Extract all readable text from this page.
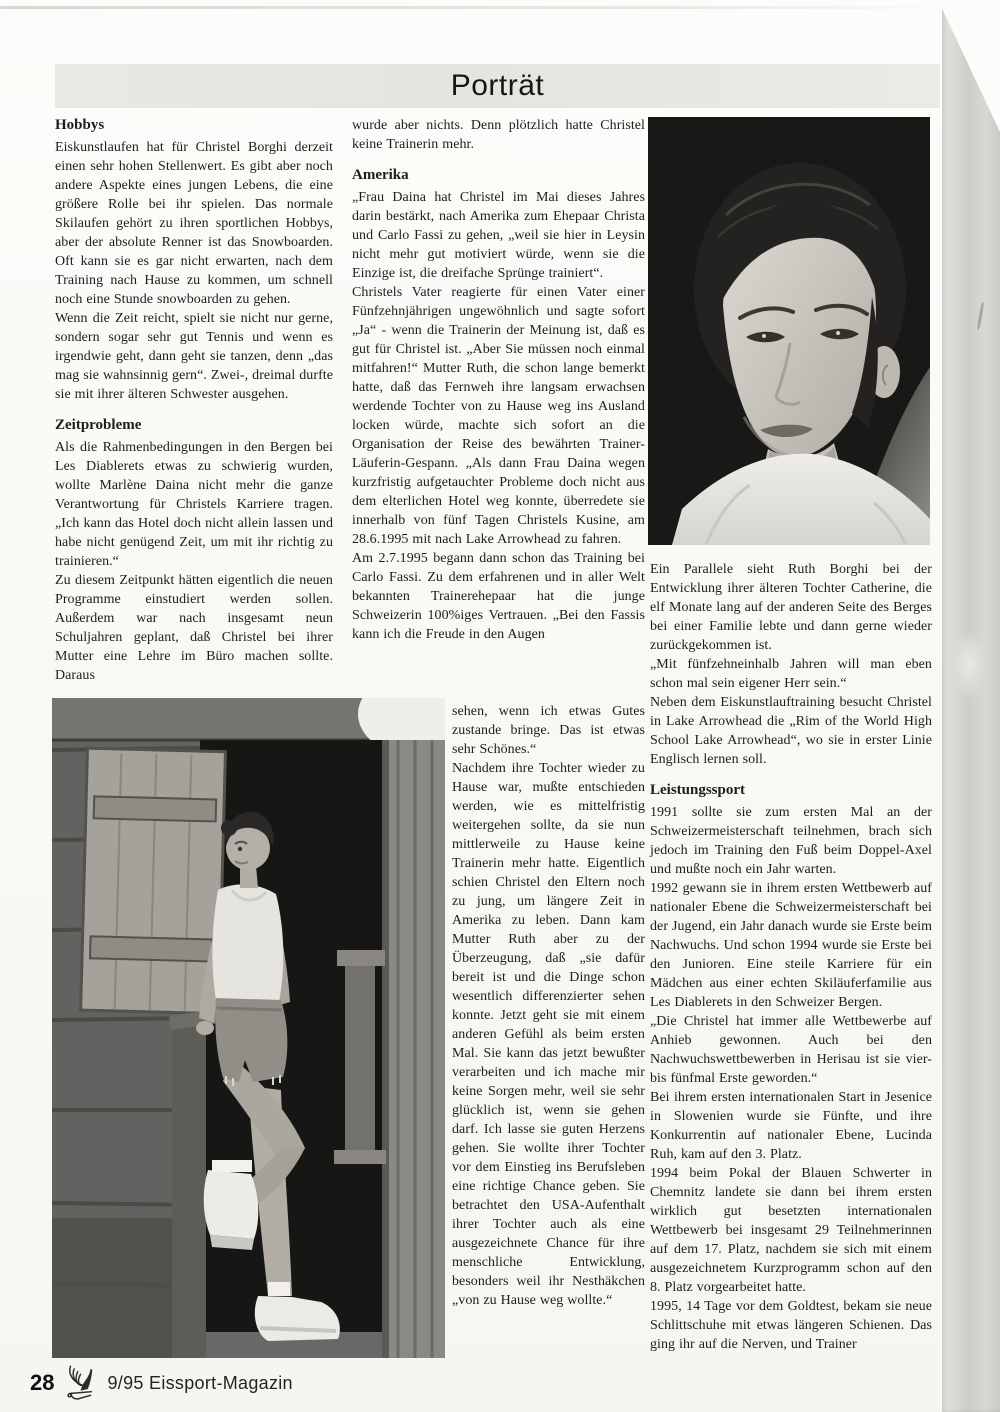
Porträt
Hobbys

Eiskunstlaufen hat für Christel Borghi derzeit einen sehr hohen Stellenwert. Es gibt aber noch andere Aspekte eines jungen Lebens, die eine größere Rolle bei ihr spielen. Das normale Skilaufen gehört zu ihren sportlichen Hobbys, aber der absolute Renner ist das Snowboarden. Oft kann sie es gar nicht erwarten, nach dem Training nach Hause zu kommen, um schnell noch eine Stunde snowboarden zu gehen.

Wenn die Zeit reicht, spielt sie nicht nur gerne, sondern sogar sehr gut Tennis und wenn es irgendwie geht, dann geht sie tanzen, denn „das mag sie wahnsinnig gern“. Zwei-, dreimal durfte sie mit ihrer älteren Schwester ausgehen.

Zeitprobleme

Als die Rahmenbedingungen in den Bergen bei Les Diablerets etwas zu schwierig wurden, wollte Marlène Daina nicht mehr die ganze Verantwortung für Christels Karriere tragen. „Ich kann das Hotel doch nicht allein lassen und habe nicht genügend Zeit, um mit ihr richtig zu trainieren.“

Zu diesem Zeitpunkt hätten eigentlich die neuen Programme einstudiert werden sollen. Außerdem war nach insgesamt neun Schuljahren geplant, daß Christel bei ihrer Mutter eine Lehre im Büro machen sollte. Daraus

wurde aber nichts. Denn plötzlich hatte Christel keine Trainerin mehr.

Amerika

„Frau Daina hat Christel im Mai dieses Jahres darin bestärkt, nach Amerika zum Ehepaar Christa und Carlo Fassi zu gehen, „weil sie hier in Leysin nicht mehr gut motiviert würde, wenn sie die Einzige ist, die dreifache Sprünge trainiert“.

Christels Vater reagierte für einen Vater einer Fünfzehnjährigen ungewöhnlich und sagte sofort „Ja“ - wenn die Trainerin der Meinung ist, daß es gut für Christel ist. „Aber Sie müssen noch einmal mitfahren!“ Mutter Ruth, die schon lange bemerkt hatte, daß das Fernweh ihre langsam erwachsen werdende Tochter von zu Hause weg ins Ausland locken würde, machte sich sofort an die Organisation der Reise des bewährten Trainer-Läuferin-Gespann. „Als dann Frau Daina wegen kurzfristig aufgetauchter Probleme doch nicht aus dem elterlichen Hotel weg konnte, überredete sie innerhalb von fünf Tagen Christels Kusine, am 28.6.1995 mit nach Lake Arrowhead zu fahren.

Am 2.7.1995 begann dann schon das Training bei Carlo Fassi. Zu dem erfahrenen und in aller Welt bekannten Trainerehepaar hat die junge Schweizerin 100%iges Vertrauen. „Bei den Fassis kann ich die Freude in den Augen

sehen, wenn ich etwas Gutes zustande bringe. Das ist etwas sehr Schönes.“

Nachdem ihre Tochter wieder zu Hause war, mußte entschieden werden, wie es mittelfristig weitergehen sollte, da sie nun mittlerweile zu Hause keine Trainerin mehr hatte. Eigentlich schien Christel den Eltern noch zu jung, um längere Zeit in Amerika zu leben. Dann kam Mutter Ruth aber zu der Überzeugung, daß „sie dafür bereit ist und die Dinge schon wesentlich differenzierter sehen konnte. Jetzt geht sie mit einem anderen Gefühl als beim ersten Mal. Sie kann das jetzt bewußter verarbeiten und ich mache mir keine Sorgen mehr, weil sie sehr glücklich ist, wenn sie gehen darf. Ich lasse sie guten Herzens gehen. Sie wollte ihrer Tochter vor dem Einstieg ins Berufsleben eine richtige Chance geben. Sie betrachtet den USA-Aufenthalt ihrer Tochter auch als eine ausgezeichnete Chance für ihre menschliche Entwicklung, besonders weil ihr Nesthäkchen „von zu Hause weg wollte.“

Ein Parallele sieht Ruth Borghi bei der Entwicklung ihrer älteren Tochter Catherine, die elf Monate lang auf der anderen Seite des Berges bei einer Familie lebte und dann gerne wieder zurückgekommen ist.

„Mit fünfzehneinhalb Jahren will man eben schon mal sein eigener Herr sein.“

Neben dem Eiskunstlauftraining besucht Christel in Lake Arrowhead die „Rim of the World High School Lake Arrowhead“, wo sie in erster Linie Englisch lernen soll.

Leistungssport

1991 sollte sie zum ersten Mal an der Schweizermeisterschaft teilnehmen, brach sich jedoch im Training den Fuß beim Doppel-Axel und mußte noch ein Jahr warten.

1992 gewann sie in ihrem ersten Wettbewerb auf nationaler Ebene die Schweizermeisterschaft bei der Jugend, ein Jahr danach wurde sie Erste beim Nachwuchs. Und schon 1994 wurde sie Erste bei den Junioren. Eine steile Karriere für ein Mädchen aus einer echten Skiläuferfamilie aus Les Diablerets in den Schweizer Bergen.

„Die Christel hat immer alle Wettbewerbe auf Anhieb gewonnen. Auch bei den Nachwuchswettbewerben in Herisau ist sie vier- bis fünfmal Erste geworden.“

Bei ihrem ersten internationalen Start in Jesenice in Slowenien wurde sie Fünfte, und ihre Konkurrentin auf nationaler Ebene, Lucinda Ruh, kam auf den 3. Platz.

1994 beim Pokal der Blauen Schwerter in Chemnitz landete sie dann bei ihrem ersten wirklich gut besetzten internationalen Wettbewerb bei insgesamt 29 Teilnehmerinnen auf dem 17. Platz, nachdem sie sich mit einem ausgezeichnetem Kurzprogramm schon auf den 8. Platz vorgearbeitet hatte.

1995, 14 Tage vor dem Goldtest, bekam sie neue Schlittschuhe mit etwas längeren Schienen. Das ging ihr auf die Nerven, und Trainer

28	9/95 Eissport-Magazin
